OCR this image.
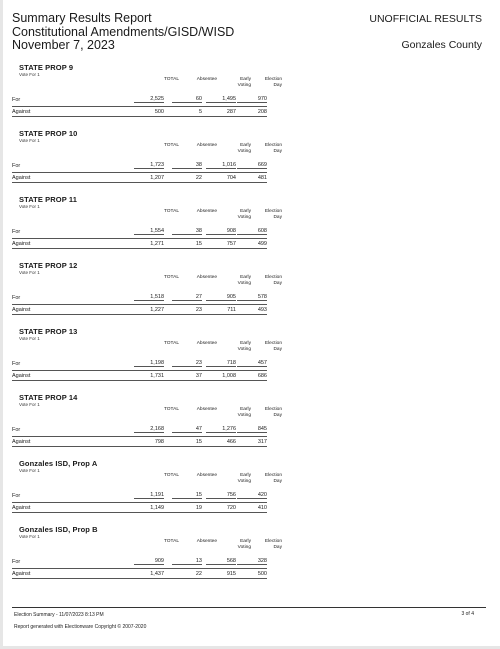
Summary Results Report
Constitutional Amendments/GISD/WISD
November 7, 2023
UNOFFICIAL RESULTS
Gonzales County
STATE PROP 9
Vote For 1
TOTAL	Absentee	Early Voting
Election Day
For	2,525	60	1,495	970
Against	500	5	287	208
STATE PROP 10
Vote For 1
TOTAL	Absentee	Early Voting
Election Day
For	1,723	38	1,016	669
Against	1,207	22	704	481
STATE PROP 11
Vote For 1
TOTAL	Absentee	Early Voting
Election Day
For	1,554	38	908	608
Against	1,271	15	757	499
STATE PROP 12
Vote For 1
TOTAL	Absentee	Early Voting
Election Day
For	1,518	27	905	578
Against	1,227	23	711	493
STATE PROP 13
Vote For 1
TOTAL	Absentee	Early Voting
Election Day
For	1,198	23	718	457
Against	1,731	37	1,008	686
STATE PROP 14
Vote For 1
TOTAL	Absentee	Early Voting
Election Day
For	2,168	47	1,276	845
Against	798	15	466	317
Gonzales ISD, Prop A
Vote For 1
TOTAL	Absentee	Early Voting
Election Day
For	1,191	15	756	420
Against	1,149	19	720	410
Gonzales ISD, Prop B
Vote For 1
TOTAL	Absentee	Early Voting
Election Day
For	909	13	568	328
Against	1,437	22	915	500
Election Summary - 11/07/2023 8:13 PM
Report generated with Electionware Copyright © 2007-2020
3 of 4
